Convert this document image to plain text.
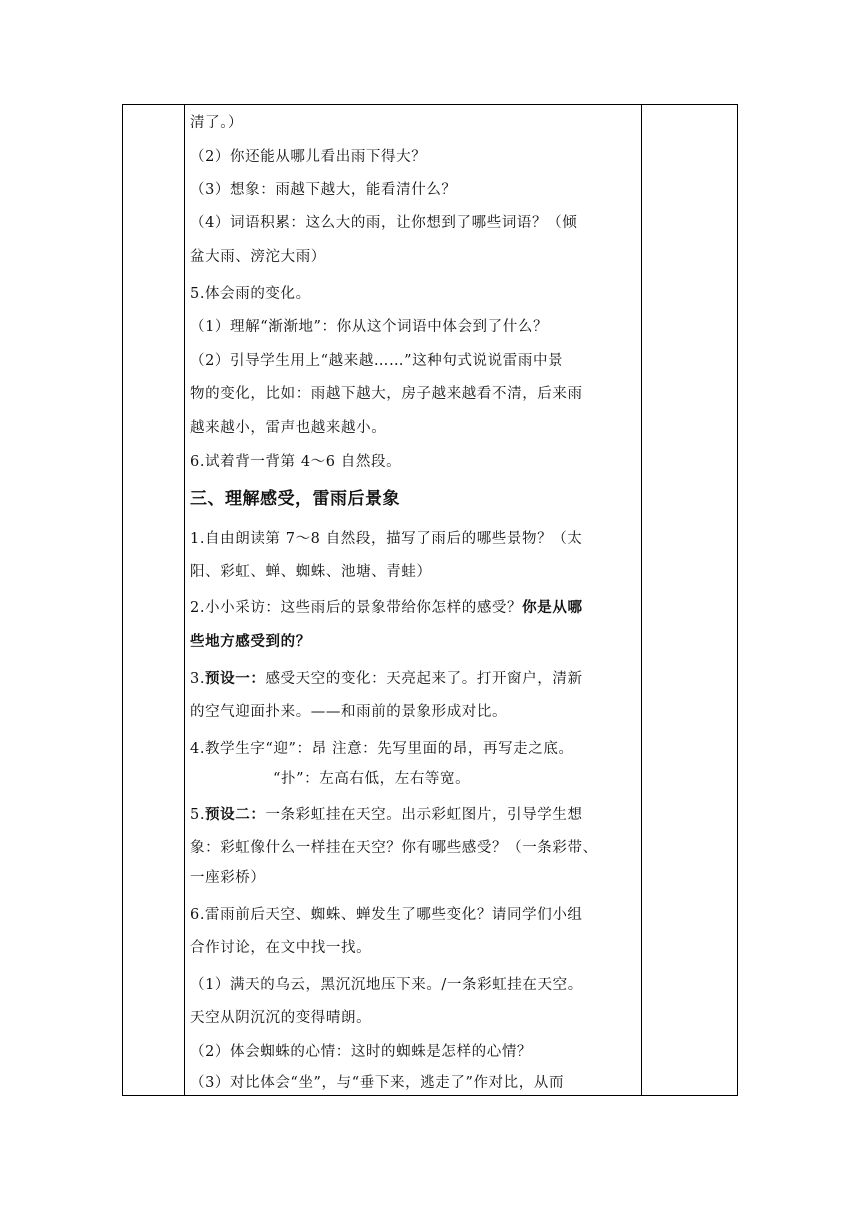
清了。）
（2）你还能从哪儿看出雨下得大？
（3）想象：雨越下越大，能看清什么？
（4）词语积累：这么大的雨，让你想到了哪些词语？（倾
盆大雨、滂沱大雨）
5.体会雨的变化。
（1）理解“渐渐地”：你从这个词语中体会到了什么？
（2）引导学生用上“越来越……”这种句式说说雷雨中景
物的变化，比如：雨越下越大，房子越来越看不清，后来雨
越来越小，雷声也越来越小。
6.试着背一背第 4～6 自然段。
三、理解感受，雷雨后景象
1.自由朗读第 7～8 自然段，描写了雨后的哪些景物？（太
阳、彩虹、蝉、蜘蛛、池塘、青蛙）
2.小小采访：这些雨后的景象带给你怎样的感受？你是从哪
些地方感受到的？
3.预设一：感受天空的变化：天亮起来了。打开窗户，清新
的空气迎面扑来。——和雨前的景象形成对比。
4.教学生字“迎”：昂 注意：先写里面的昂，再写走之底。
“扑”：左高右低，左右等宽。
5.预设二：一条彩虹挂在天空。出示彩虹图片，引导学生想
象：彩虹像什么一样挂在天空？你有哪些感受？（一条彩带、
一座彩桥）
6.雷雨前后天空、蜘蛛、蝉发生了哪些变化？请同学们小组
合作讨论，在文中找一找。
（1）满天的乌云，黑沉沉地压下来。/一条彩虹挂在天空。
天空从阴沉沉的变得晴朗。
（2）体会蜘蛛的心情：这时的蜘蛛是怎样的心情？
（3）对比体会“坐”，与“垂下来，逃走了”作对比，从而
